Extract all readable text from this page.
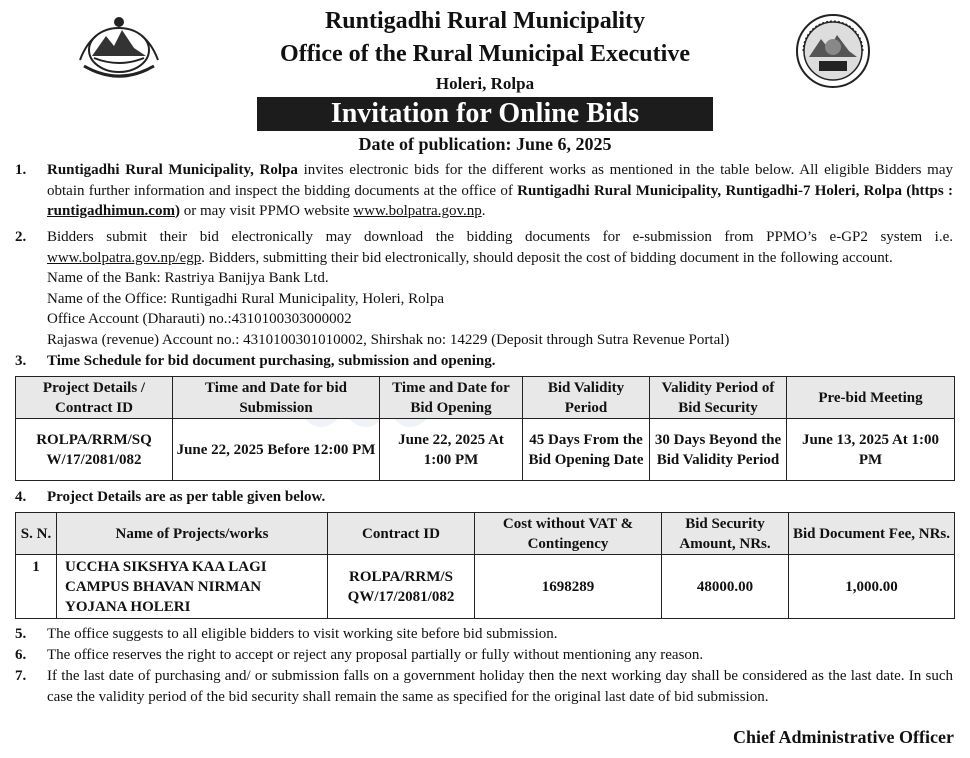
Runtigadhi Rural Municipality
Office of the Rural Municipal Executive
Holeri, Rolpa
Invitation for Online Bids
Date of publication: June 6, 2025
1. Runtigadhi Rural Municipality, Rolpa invites electronic bids for the different works as mentioned in the table below. All eligible Bidders may obtain further information and inspect the bidding documents at the office of Runtigadhi Rural Municipality, Runtigadhi-7 Holeri, Rolpa (https : runtigadhimun.com) or may visit PPMO website www.bolpatra.gov.np.
2. Bidders submit their bid electronically may download the bidding documents for e-submission from PPMO’s e-GP2 system i.e. www.bolpatra.gov.np/egp. Bidders, submitting their bid electronically, should deposit the cost of bidding document in the following account.
Name of the Bank: Rastriya Banijya Bank Ltd.
Name of the Office: Runtigadhi Rural Municipality, Holeri, Rolpa
Office Account (Dharauti) no.:4310100303000002
Rajaswa (revenue) Account no.: 4310100301010002, Shirshak no: 14229 (Deposit through Sutra Revenue Portal)
3. Time Schedule for bid document purchasing, submission and opening.
Project Details / Contract ID	Time and Date for bid Submission	Time and Date for Bid Opening	Bid Validity Period	Validity Period of Bid Security	Pre-bid Meeting
ROLPA/RRM/SQ W/17/2081/082	June 22, 2025 Before 12:00 PM	June 22, 2025 At 1:00 PM	45 Days From the Bid Opening Date	30 Days Beyond the Bid Validity Period	June 13, 2025 At 1:00 PM
4. Project Details are as per table given below.
S. N.	Name of Projects/works	Contract ID	Cost without VAT & Contingency	Bid Security Amount, NRs.	Bid Document Fee, NRs.
1	UCCHA SIKSHYA KAA LAGI CAMPUS BHAVAN NIRMAN YOJANA HOLERI	ROLPA/RRM/S QW/17/2081/082	1698289	48000.00	1,000.00
5. The office suggests to all eligible bidders to visit working site before bid submission.
6. The office reserves the right to accept or reject any proposal partially or fully without mentioning any reason.
7. If the last date of purchasing and/ or submission falls on a government holiday then the next working day shall be considered as the last date. In such case the validity period of the bid security shall remain the same as specified for the original last date of bid submission.
Chief Administrative Officer
